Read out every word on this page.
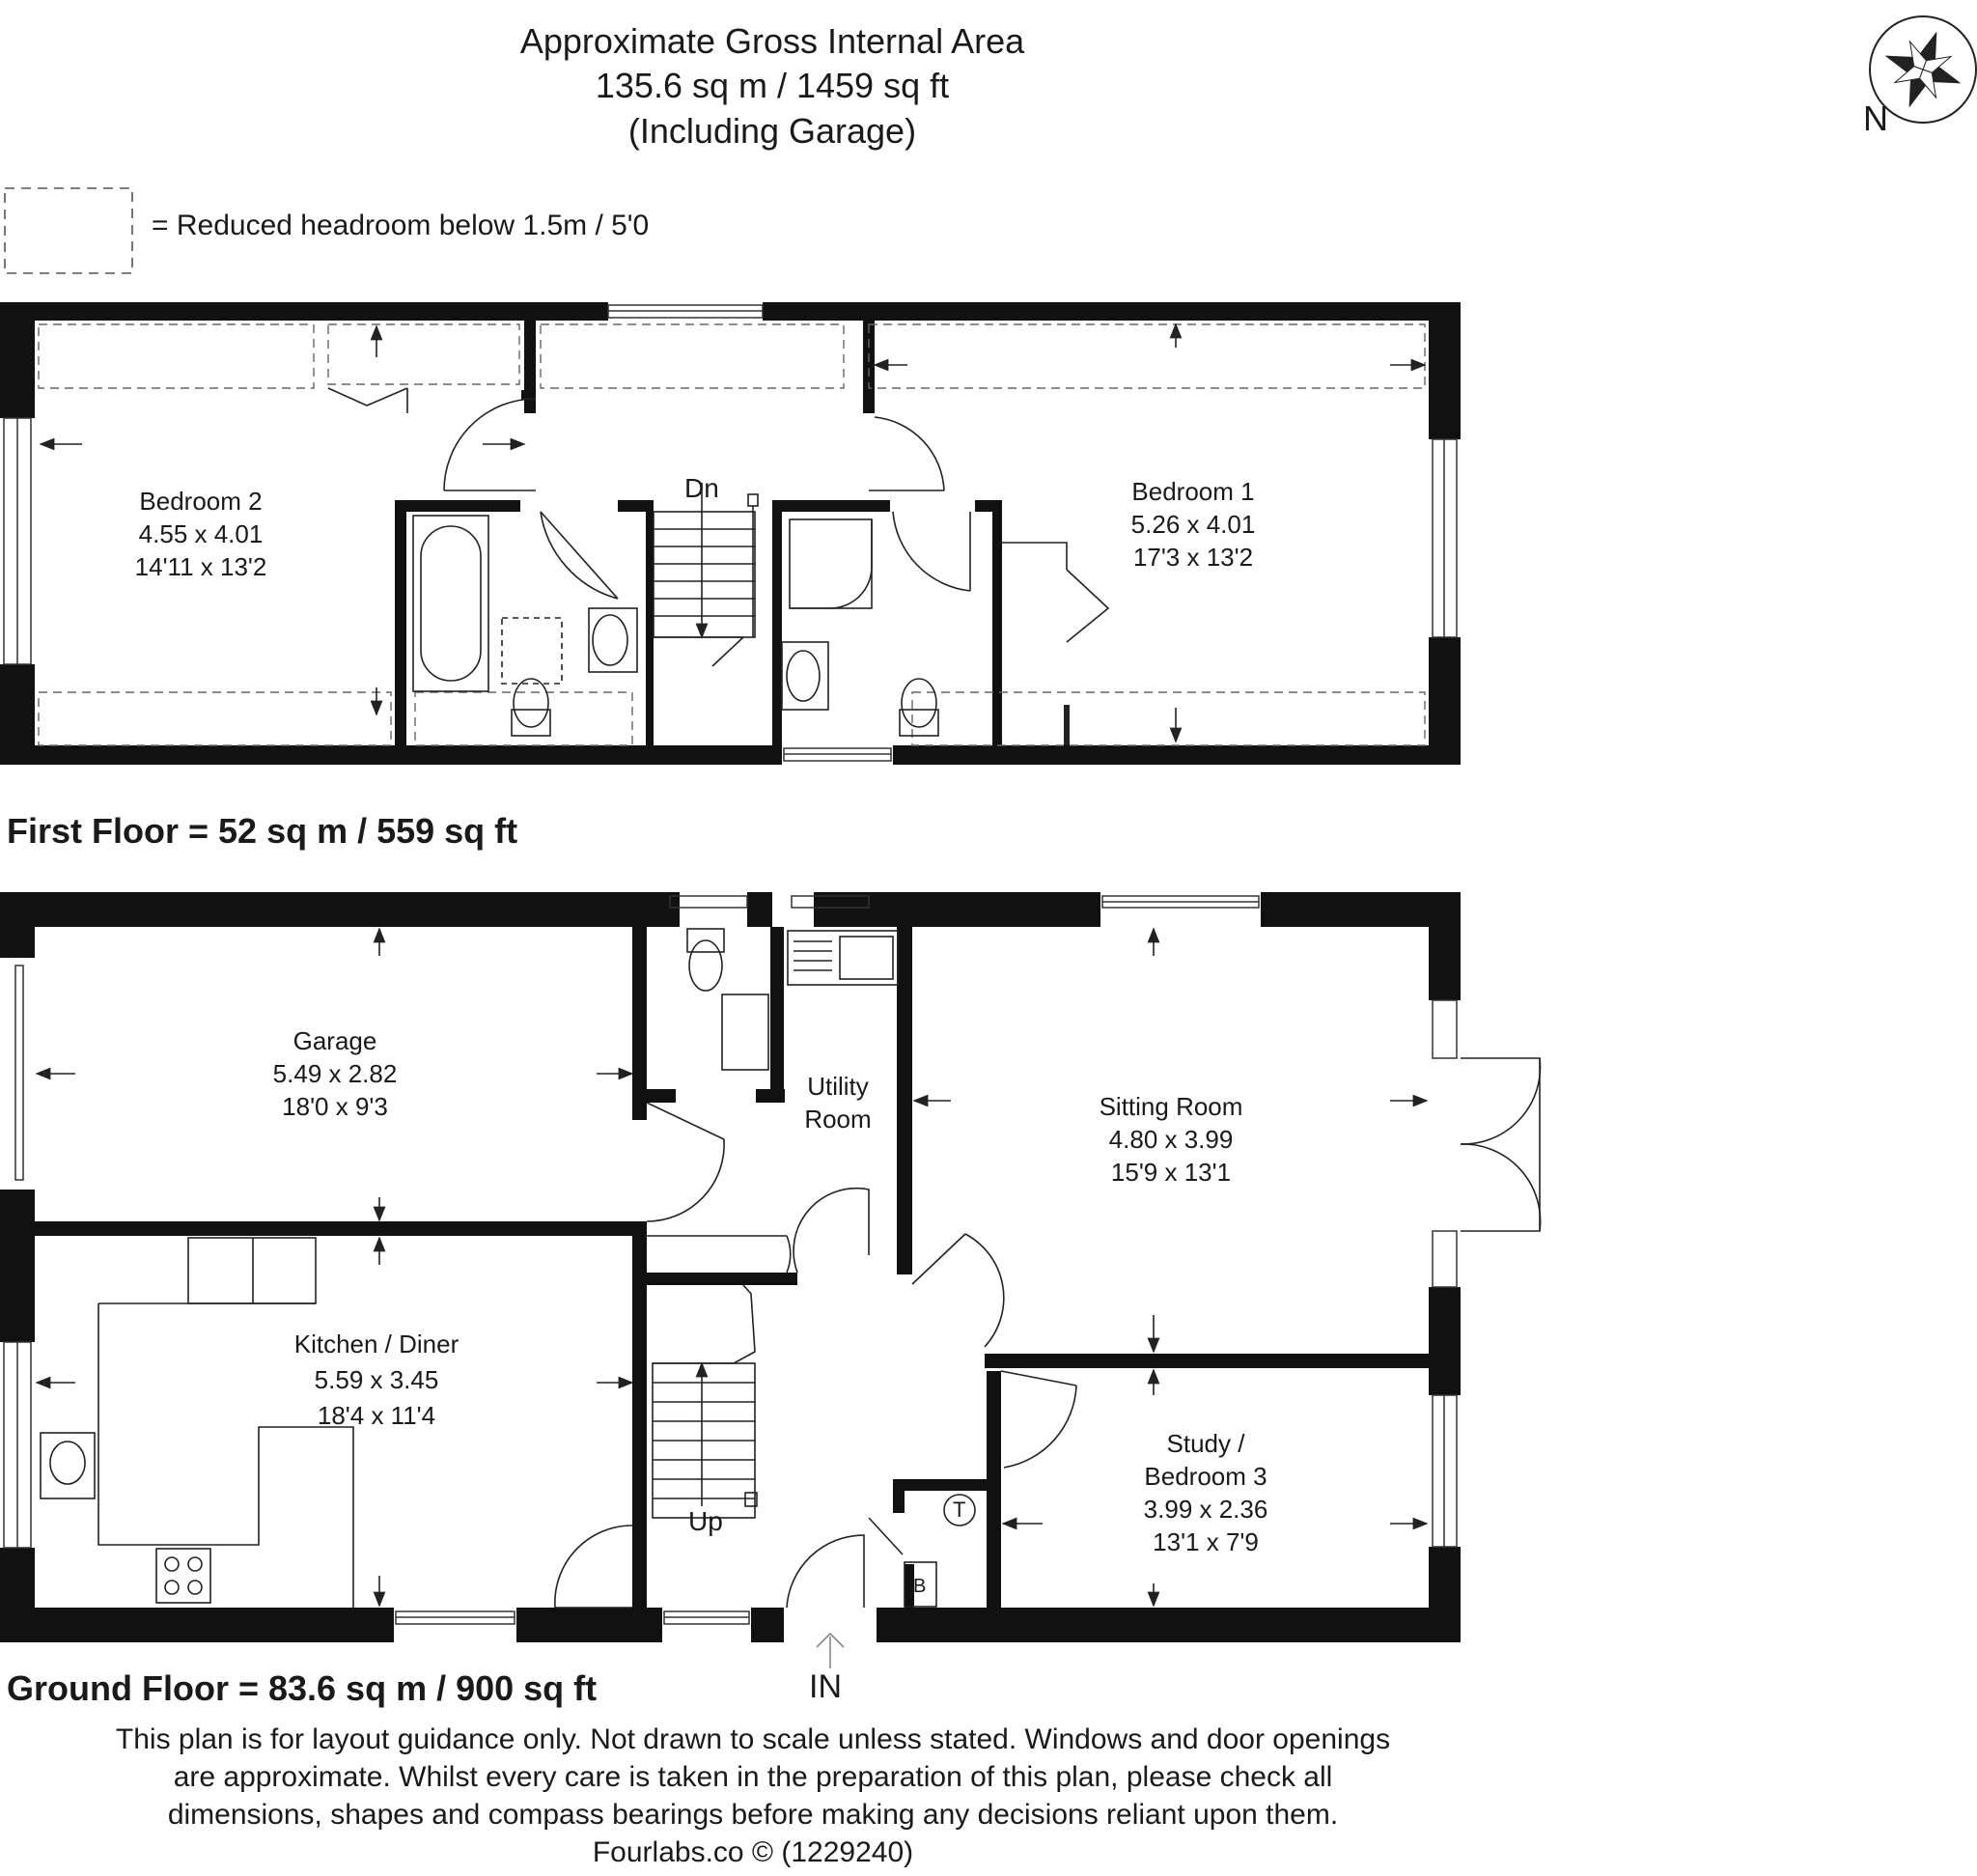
Approximate Gross Internal Area
135.6 sq m / 1459 sq ft
(Including Garage)
= Reduced headroom below 1.5m / 5'0
N
Bedroom 2
4.55 x 4.01
14'11 x 13'2
Bedroom 1
5.26 x 4.01
17'3 x 13'2
Dn
First Floor = 52 sq m / 559 sq ft
Garage
5.49 x 2.82
18'0 x 9'3
Kitchen / Diner
5.59 x 3.45
18'4 x 11'4
Utility
Room	Sitting Room
4.80 x 3.99
15'9 x 13'1
Study /
Bedroom 3
3.99 x 2.36
13'1 x 7'9
Up	T
B
IN
Ground Floor = 83.6 sq m / 900 sq ft
This plan is for layout guidance only. Not drawn to scale unless stated. Windows and door openings
are approximate. Whilst every care is taken in the preparation of this plan, please check all
dimensions, shapes and compass bearings before making any decisions reliant upon them.
Fourlabs.co © (1229240)
